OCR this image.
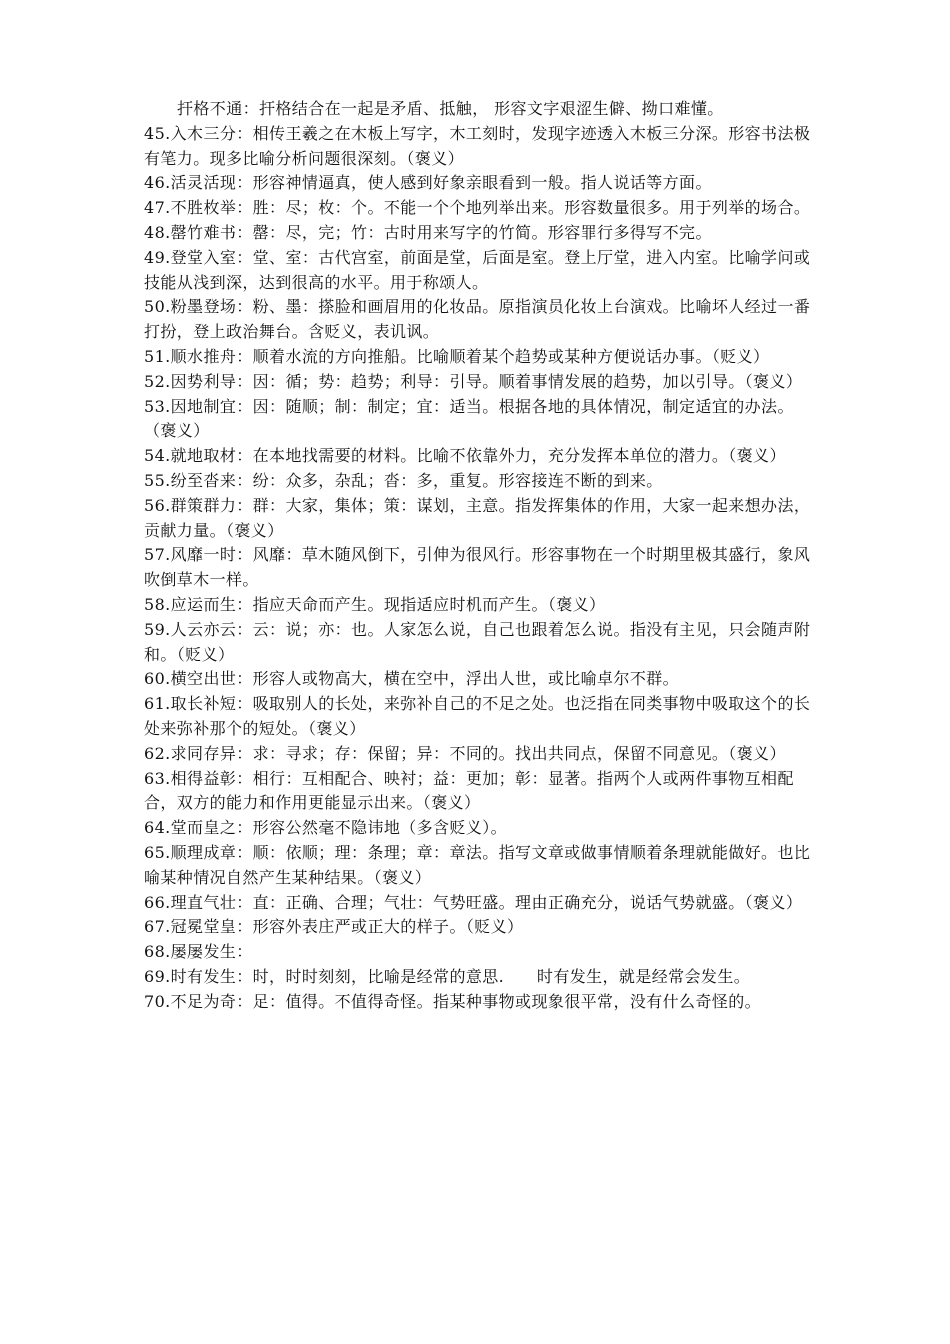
扞格不通：扞格结合在一起是矛盾、抵触， 形容文字艰涩生僻、拗口难懂。

45.入木三分：相传王羲之在木板上写字，木工刻时，发现字迹透入木板三分深。形容书法极有笔力。现多比喻分析问题很深刻。（褒义）

46.活灵活现：形容神情逼真，使人感到好象亲眼看到一般。指人说话等方面。

47.不胜枚举：胜：尽；枚：个。不能一个个地列举出来。形容数量很多。用于列举的场合。

48.罄竹难书：罄：尽，完；竹：古时用来写字的竹简。形容罪行多得写不完。

49.登堂入室：堂、室：古代宫室，前面是堂，后面是室。登上厅堂，进入内室。比喻学问或技能从浅到深，达到很高的水平。用于称颂人。

50.粉墨登场：粉、墨：搽脸和画眉用的化妆品。原指演员化妆上台演戏。比喻坏人经过一番打扮，登上政治舞台。含贬义，表讥讽。

51.顺水推舟：顺着水流的方向推船。比喻顺着某个趋势或某种方便说话办事。（贬义）

52.因势利导：因：循；势：趋势；利导：引导。顺着事情发展的趋势，加以引导。（褒义）

53.因地制宜：因：随顺；制：制定；宜：适当。根据各地的具体情况，制定适宜的办法。（褒义）

54.就地取材：在本地找需要的材料。比喻不依靠外力，充分发挥本单位的潜力。（褒义）

55.纷至沓来：纷：众多，杂乱；沓：多，重复。形容接连不断的到来。

56.群策群力：群：大家，集体；策：谋划，主意。指发挥集体的作用，大家一起来想办法，贡献力量。（褒义）

57.风靡一时：风靡：草木随风倒下，引伸为很风行。形容事物在一个时期里极其盛行，象风吹倒草木一样。

58.应运而生：指应天命而产生。现指适应时机而产生。（褒义）

59.人云亦云：云：说；亦：也。人家怎么说，自己也跟着怎么说。指没有主见，只会随声附和。（贬义）

60.横空出世：形容人或物高大，横在空中，浮出人世，或比喻卓尔不群。

61.取长补短：吸取别人的长处，来弥补自己的不足之处。也泛指在同类事物中吸取这个的长处来弥补那个的短处。（褒义）

62.求同存异：求：寻求；存：保留；异：不同的。找出共同点，保留不同意见。（褒义）

63.相得益彰：相行：互相配合、映衬；益：更加；彰：显著。指两个人或两件事物互相配合，双方的能力和作用更能显示出来。（褒义）

64.堂而皇之：形容公然毫不隐讳地（多含贬义）。

65.顺理成章：顺：依顺；理：条理；章：章法。指写文章或做事情顺着条理就能做好。也比喻某种情况自然产生某种结果。（褒义）

66.理直气壮：直：正确、合理；气壮：气势旺盛。理由正确充分，说话气势就盛。（褒义）

67.冠冕堂皇：形容外表庄严或正大的样子。（贬义）

68.屡屡发生：

69.时有发生：时，时时刻刻，比喻是经常的意思.　　时有发生，就是经常会发生。

70.不足为奇：足：值得。不值得奇怪。指某种事物或现象很平常，没有什么奇怪的。
